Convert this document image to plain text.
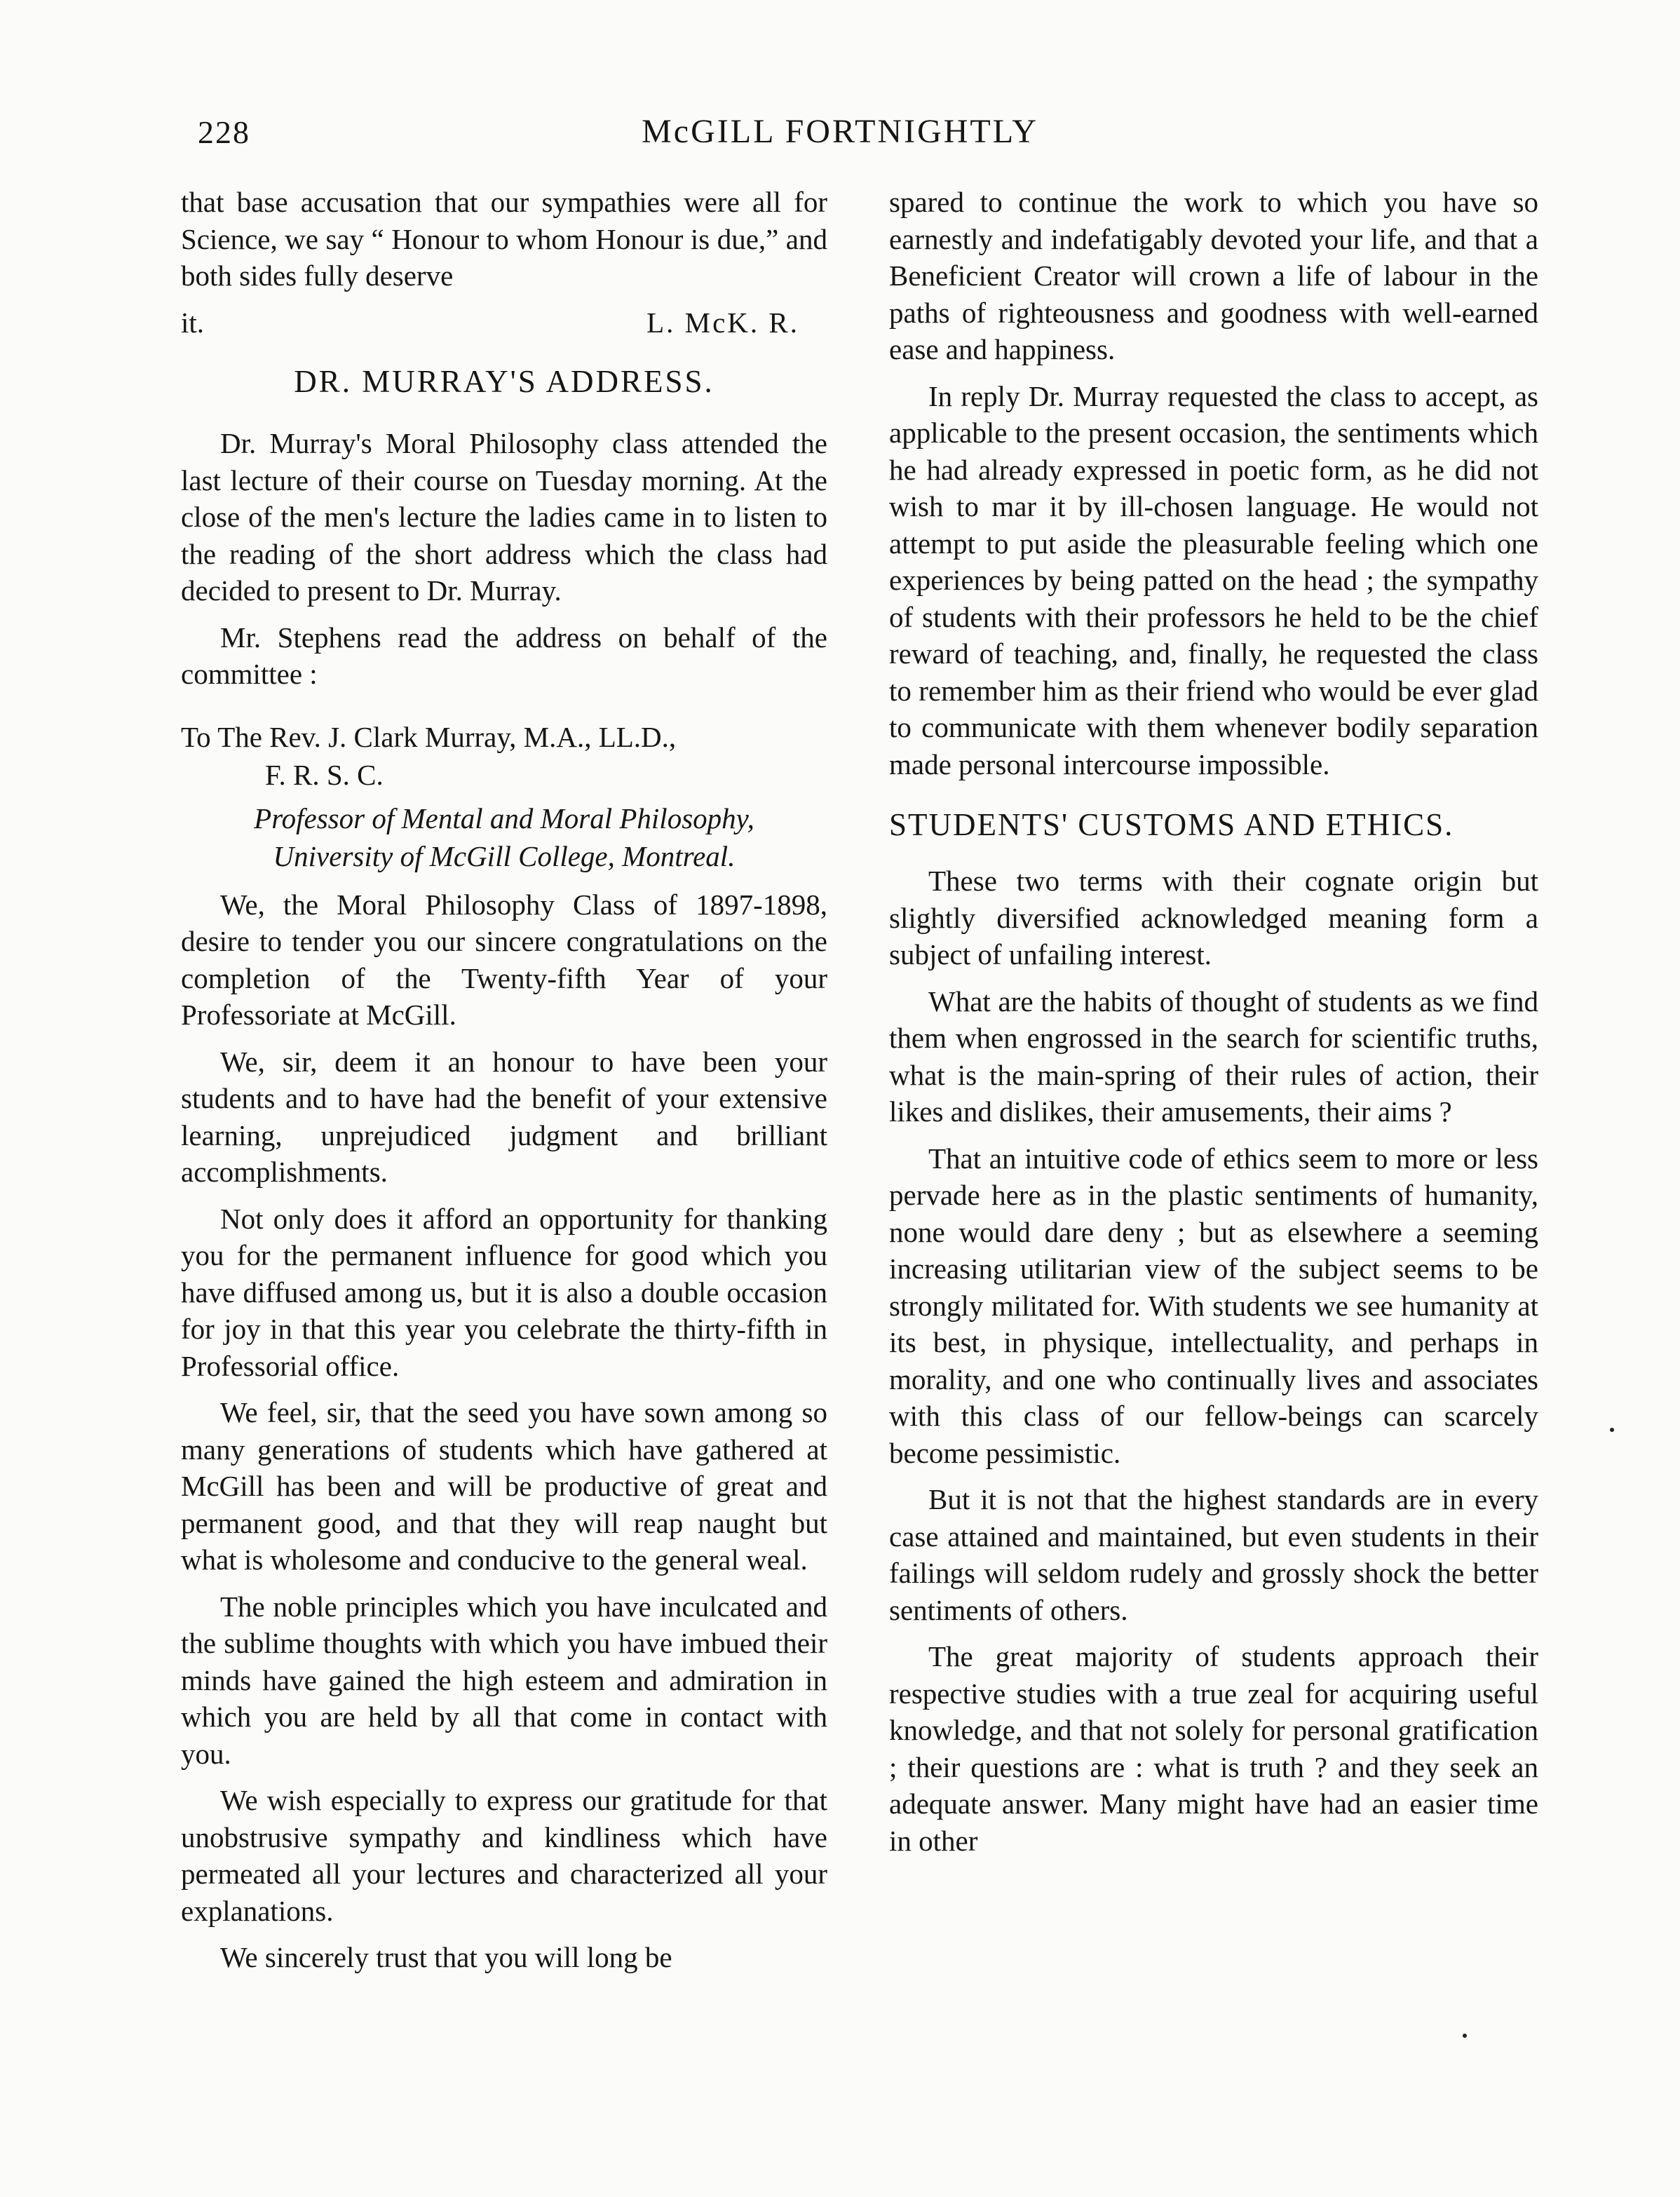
228	McGILL FORTNIGHTLY

that base accusation that our sympathies were all for Science, we say “ Honour to whom Honour is due,” and both sides fully deserve

it.	L. McK. R.
DR. MURRAY'S ADDRESS.

Dr. Murray's Moral Philosophy class attended the last lecture of their course on Tuesday morning. At the close of the men's lecture the ladies came in to listen to the reading of the short address which the class had decided to present to Dr. Murray.

Mr. Stephens read the address on behalf of the committee :

To The Rev. J. Clark Murray, M.A., LL.D.,
F. R. S. C.
Professor of Mental and Moral Philosophy, University of McGill College, Montreal.

We, the Moral Philosophy Class of 1897-1898, desire to tender you our sincere congratulations on the completion of the Twenty-fifth Year of your Professoriate at McGill.

We, sir, deem it an honour to have been your students and to have had the benefit of your extensive learning, unprejudiced judgment and brilliant accomplishments.

Not only does it afford an opportunity for thanking you for the permanent influence for good which you have diffused among us, but it is also a double occasion for joy in that this year you celebrate the thirty-fifth in Professorial office.

We feel, sir, that the seed you have sown among so many generations of students which have gathered at McGill has been and will be productive of great and permanent good, and that they will reap naught but what is wholesome and conducive to the general weal.

The noble principles which you have inculcated and the sublime thoughts with which you have imbued their minds have gained the high esteem and admiration in which you are held by all that come in contact with you.

We wish especially to express our gratitude for that unobstrusive sympathy and kindliness which have permeated all your lectures and characterized all your explanations.

We sincerely trust that you will long be

spared to continue the work to which you have so earnestly and indefatigably devoted your life, and that a Beneficient Creator will crown a life of labour in the paths of righteousness and goodness with well-earned ease and happiness.

In reply Dr. Murray requested the class to accept, as applicable to the present occasion, the sentiments which he had already expressed in poetic form, as he did not wish to mar it by ill-chosen language. He would not attempt to put aside the pleasurable feeling which one experiences by being patted on the head ; the sympathy of students with their professors he held to be the chief reward of teaching, and, finally, he requested the class to remember him as their friend who would be ever glad to communicate with them whenever bodily separation made personal intercourse impossible.

STUDENTS' CUSTOMS AND ETHICS.

These two terms with their cognate origin but slightly diversified acknowledged meaning form a subject of unfailing interest.

What are the habits of thought of students as we find them when engrossed in the search for scientific truths, what is the main-spring of their rules of action, their likes and dislikes, their amusements, their aims ?

That an intuitive code of ethics seem to more or less pervade here as in the plastic sentiments of humanity, none would dare deny ; but as elsewhere a seeming increasing utilitarian view of the subject seems to be strongly militated for. With students we see humanity at its best, in physique, intellectuality, and perhaps in morality, and one who continually lives and associates with this class of our fellow-beings can scarcely become pessimistic.

But it is not that the highest standards are in every case attained and maintained, but even students in their failings will seldom rudely and grossly shock the better sentiments of others.

The great majority of students approach their respective studies with a true zeal for acquiring useful knowledge, and that not solely for personal gratification ; their questions are : what is truth ? and they seek an adequate answer. Many might have had an easier time in other
